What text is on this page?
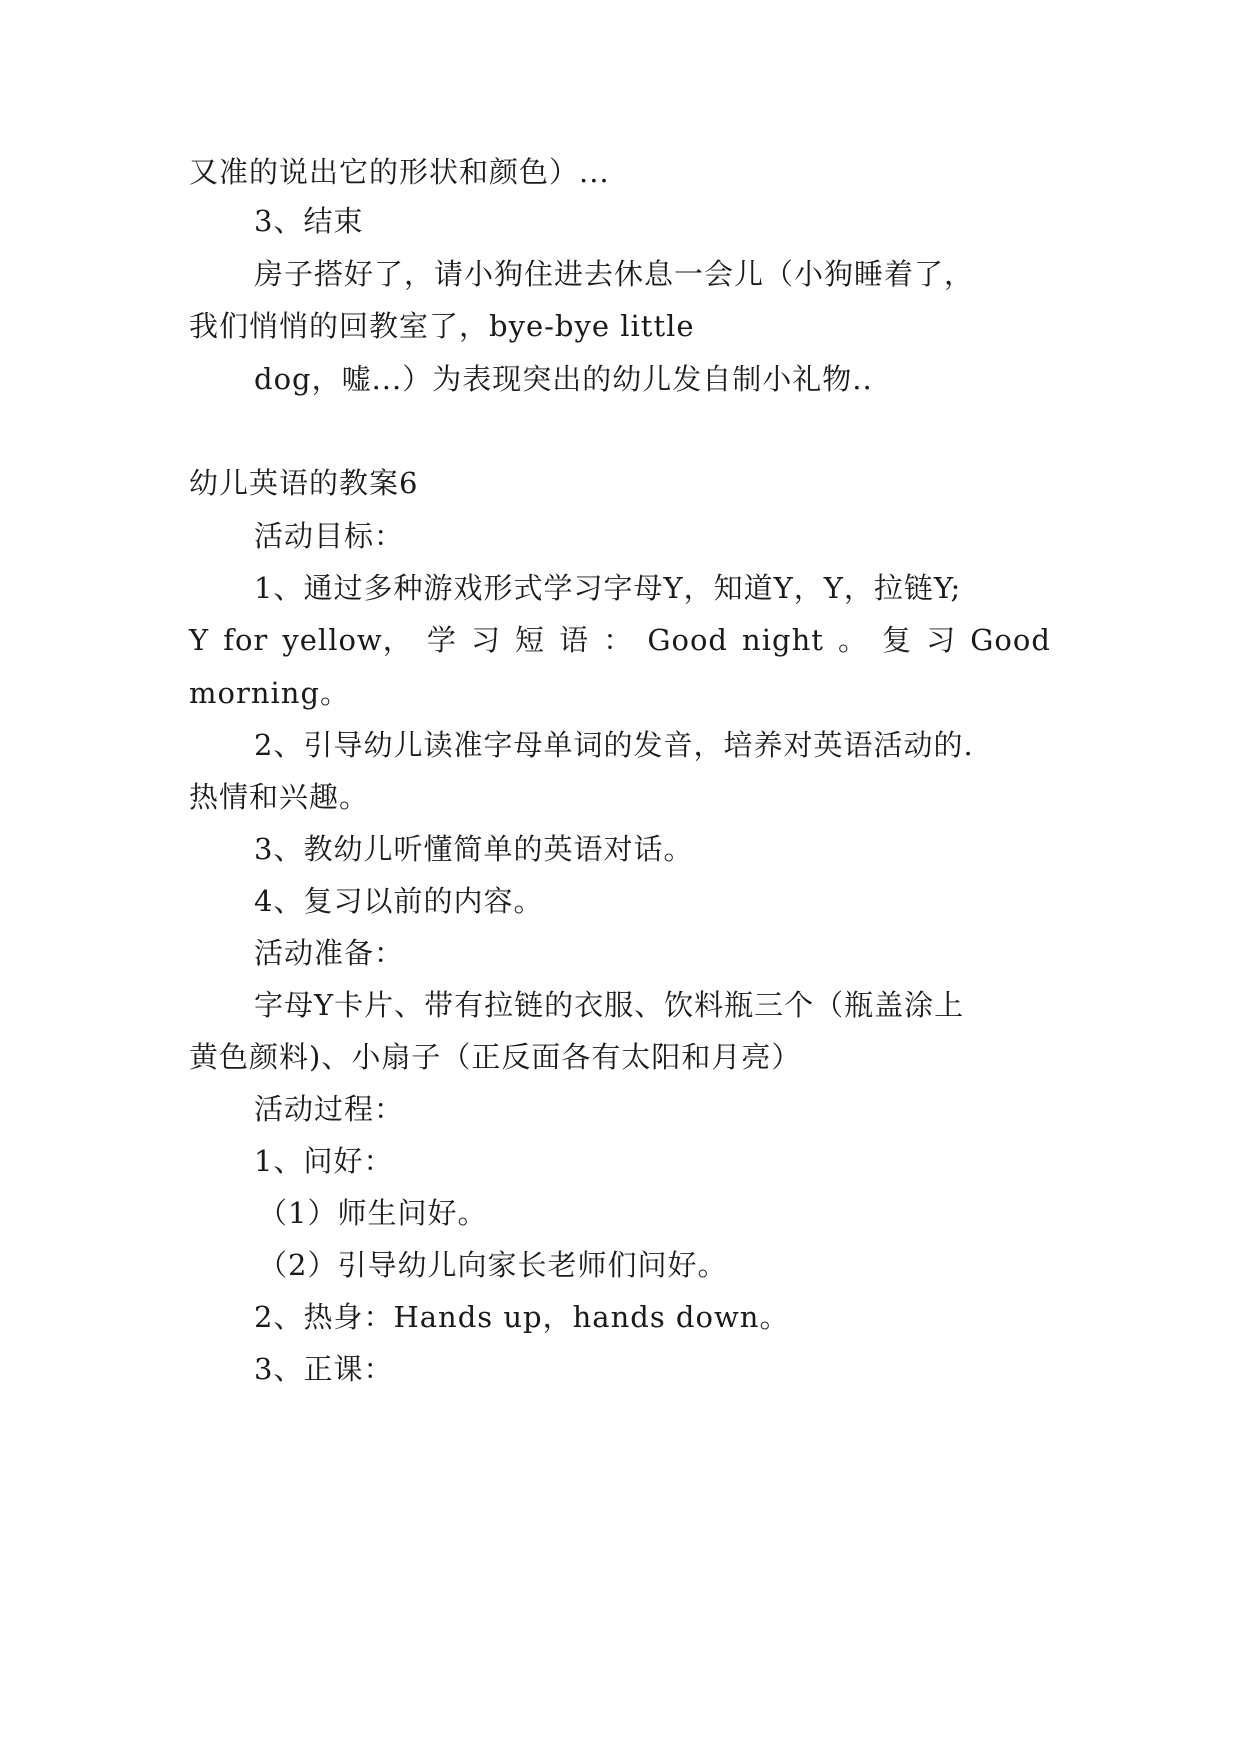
又准的说出它的形状和颜色）...
3、结束
房子搭好了，请小狗住进去休息一会儿（小狗睡着了，
我们悄悄的回教室了，bye-bye little
dog，嘘...）为表现突出的幼儿发自制小礼物..
幼儿英语的教案6
活动目标：
1、通过多种游戏形式学习字母Y，知道Y，Y，拉链Y;
Y for yellow， 学 习 短 语 ： Good night 。 复 习 Good
morning。
2、引导幼儿读准字母单词的发音，培养对英语活动的.
热情和兴趣。
3、教幼儿听懂简单的英语对话。
4、复习以前的内容。
活动准备：
字母Y卡片、带有拉链的衣服、饮料瓶三个（瓶盖涂上
黄色颜料)、小扇子（正反面各有太阳和月亮）
活动过程：
1、问好：
（1）师生问好。
（2）引导幼儿向家长老师们问好。
2、热身：Hands up，hands down。
3、正课：
